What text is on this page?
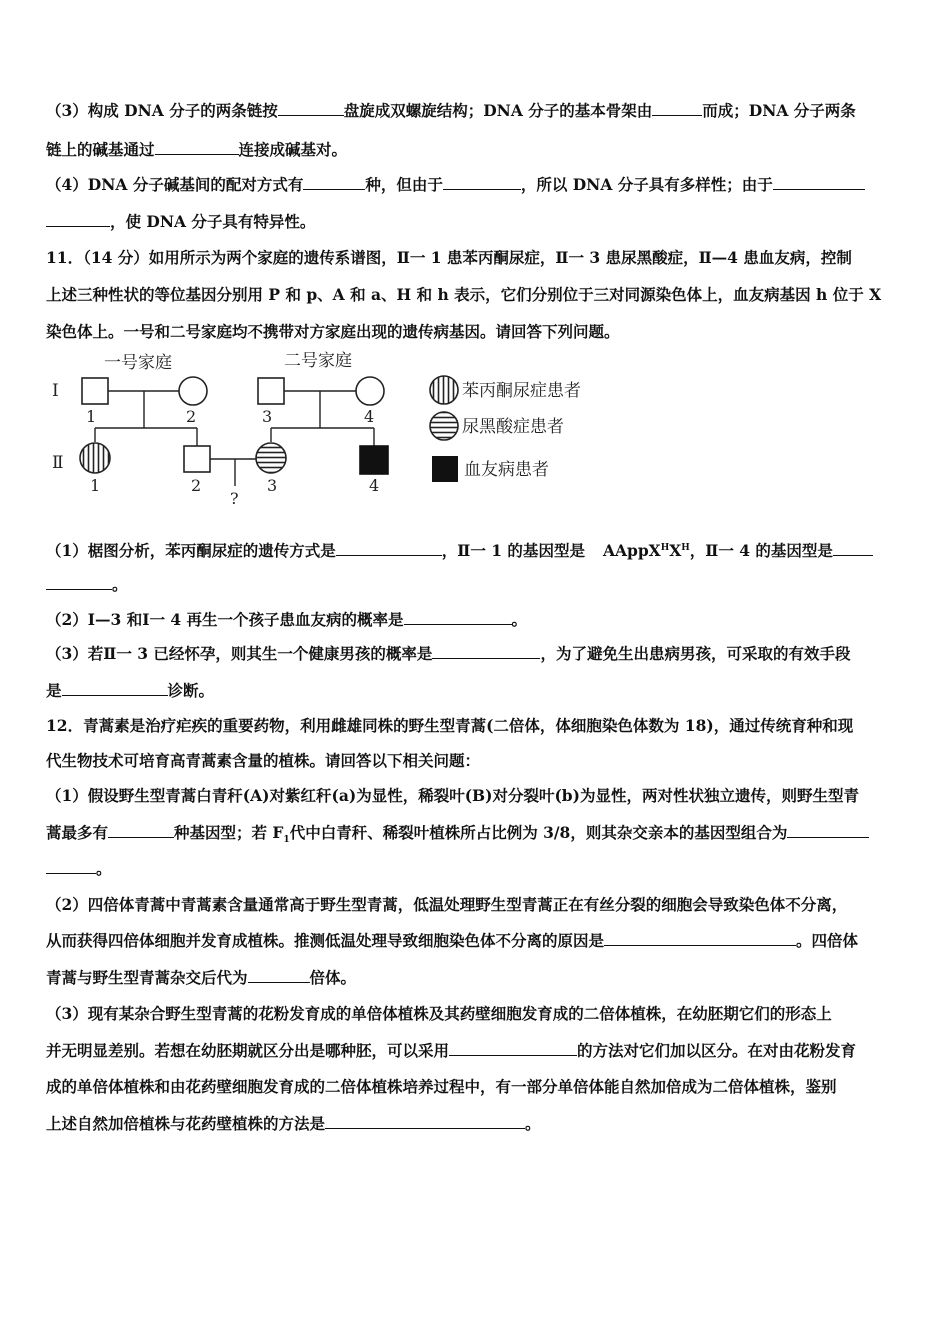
（3）构成 DNA 分子的两条链按	盘旋成双螺旋结构；DNA 分子的基本骨架由	而成；DNA 分子两条
链上的碱基通过	连接成碱基对。
（4）DNA 分子碱基间的配对方式有	种，但由于	，所以 DNA 分子具有多样性；由于
，使 DNA 分子具有特异性。
11．（14 分）如用所示为两个家庭的遗传系谱图，Ⅱ一 1 患苯丙酮尿症，Ⅱ一 3 患尿黑酸症，Ⅱ—4 患血友病，控制
上述三种性状的等位基因分别用 P 和 p、A 和 a、H 和 h 表示，它们分别位于三对同源染色体上，血友病基因 h 位于 X
染色体上。一号和二号家庭均不携带对方家庭出现的遗传病基因。请回答下列问题。
一号家庭	二号家庭
Ⅰ
Ⅱ
1	2	3	4
?
1	2	3	4
苯丙酮尿症患者
尿黑酸症患者
血友病患者
（1）椐图分析，苯丙酮尿症的遗传方式是	，Ⅱ一 1 的基因型是 $AAppX^HX^H$，Ⅱ一 4 的基因型是
。
（2）Ⅰ—3 和Ⅰ一 4 再生一个孩子患血友病的概率是	。
（3）若Ⅱ一 3 已经怀孕，则其生一个健康男孩的概率是	，为了避免生出患病男孩，可采取的有效手段
是	诊断。
12．青蒿素是治疗疟疾的重要药物，利用雌雄同株的野生型青蒿(二倍体，体细胞染色体数为 18)，通过传统育种和现
代生物技术可培育高青蒿素含量的植株。请回答以下相关问题：
（1）假设野生型青蒿白青秆(A)对紫红秆(a)为显性，稀裂叶(B)对分裂叶(b)为显性，两对性状独立遗传，则野生型青
蒿最多有	种基因型；若 $F_1$代中白青秆、稀裂叶植株所占比例为 3/8，则其杂交亲本的基因型组合为
。
（2）四倍体青蒿中青蒿素含量通常高于野生型青蒿，低温处理野生型青蒿正在有丝分裂的细胞会导致染色体不分离，
从而获得四倍体细胞并发育成植株。推测低温处理导致细胞染色体不分离的原因是	。四倍体
青蒿与野生型青蒿杂交后代为	倍体。
（3）现有某杂合野生型青蒿的花粉发育成的单倍体植株及其药壁细胞发育成的二倍体植株，在幼胚期它们的形态上
并无明显差别。若想在幼胚期就区分出是哪种胚，可以采用	的方法对它们加以区分。在对由花粉发育
成的单倍体植株和由花药壁细胞发育成的二倍体植株培养过程中，有一部分单倍体能自然加倍成为二倍体植株，鉴别
上述自然加倍植株与花药壁植株的方法是	。
